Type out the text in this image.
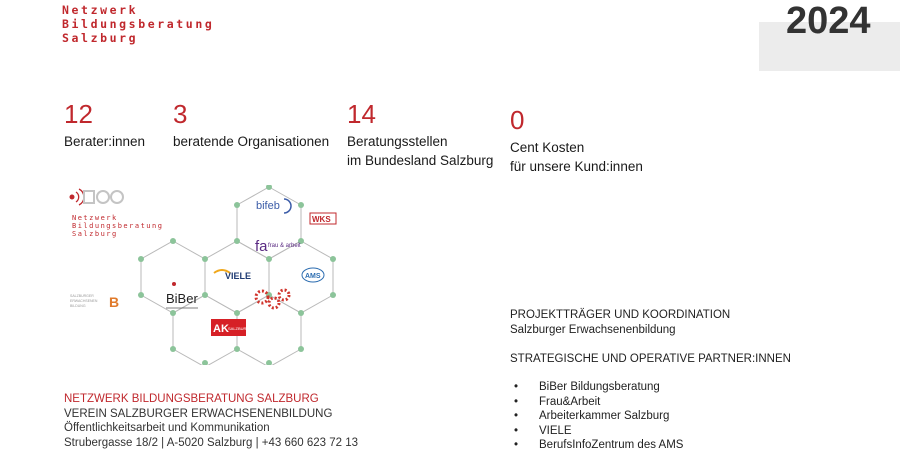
Netzwerk
Bildungsberatung
Salzburg	2024
12
Berater:innen
3
beratende Organisationen
14
Beratungsstellen
im Bundesland Salzburg
0
Cent Kosten
für unsere Kund:innen
Netzwerk
Bildungsberatung
Salzburg
SALZBURGER
ERWACHSENEN
BILDUNG B
bifeb
WKS
fa frau & arbeit
VIELE	AMS
BiBer
AK SALZBURG
NETZWERK BILDUNGSBERATUNG SALZBURG
VEREIN SALZBURGER ERWACHSENENBILDUNG
Öffentlichkeitsarbeit und Kommunikation
Strubergasse 18/2 | A-5020 Salzburg | +43 660 623 72 13
PROJEKTTRÄGER UND KOORDINATION
Salzburger Erwachsenenbildung
STRATEGISCHE UND OPERATIVE PARTNER:INNEN
• BiBer Bildungsberatung
• Frau&Arbeit
• Arbeiterkammer Salzburg
• VIELE
• BerufsInfoZentrum des AMS
